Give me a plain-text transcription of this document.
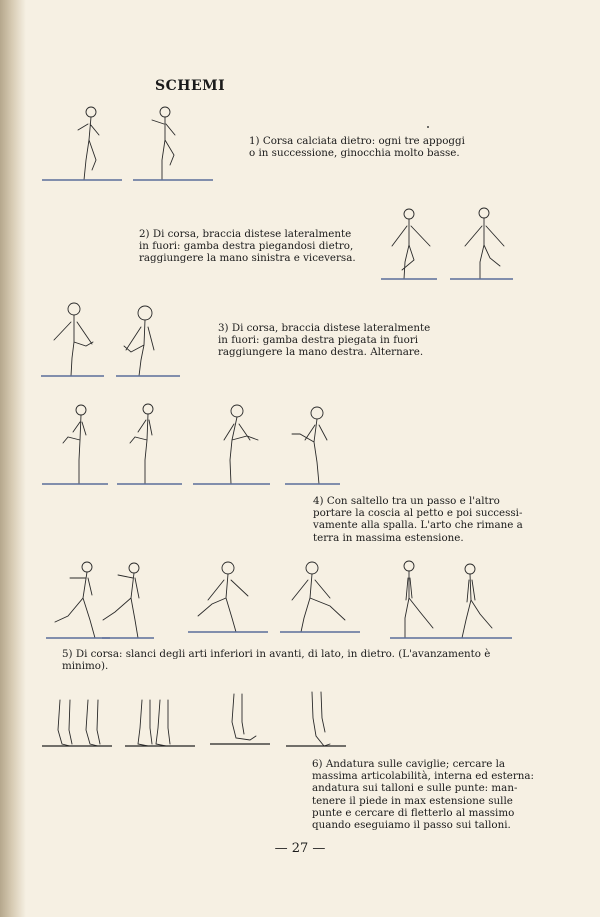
SCHEMI
1) Corsa calciata dietro: ogni tre appoggi
o in successione, ginocchia molto basse.
2) Di corsa, braccia distese lateralmente
in fuori: gamba destra piegandosi dietro,
raggiungere la mano sinistra e viceversa.
3) Di corsa, braccia distese lateralmente
in fuori: gamba destra piegata in fuori
raggiungere la mano destra. Alternare.
4) Con saltello tra un passo e l'altro
portare la coscia al petto e poi successi-
vamente alla spalla. L'arto che rimane a
terra in massima estensione.
5) Di corsa: slanci degli arti inferiori in avanti, di lato, in dietro. (L'avanzamento è
minimo).
6) Andatura sulle caviglie; cercare la
massima articolabilità, interna ed esterna:
andatura sui talloni e sulle punte: man-
tenere il piede in max estensione sulle
punte e cercare di fletterlo al massimo
quando eseguiamo il passo sui talloni.
— 27 —
